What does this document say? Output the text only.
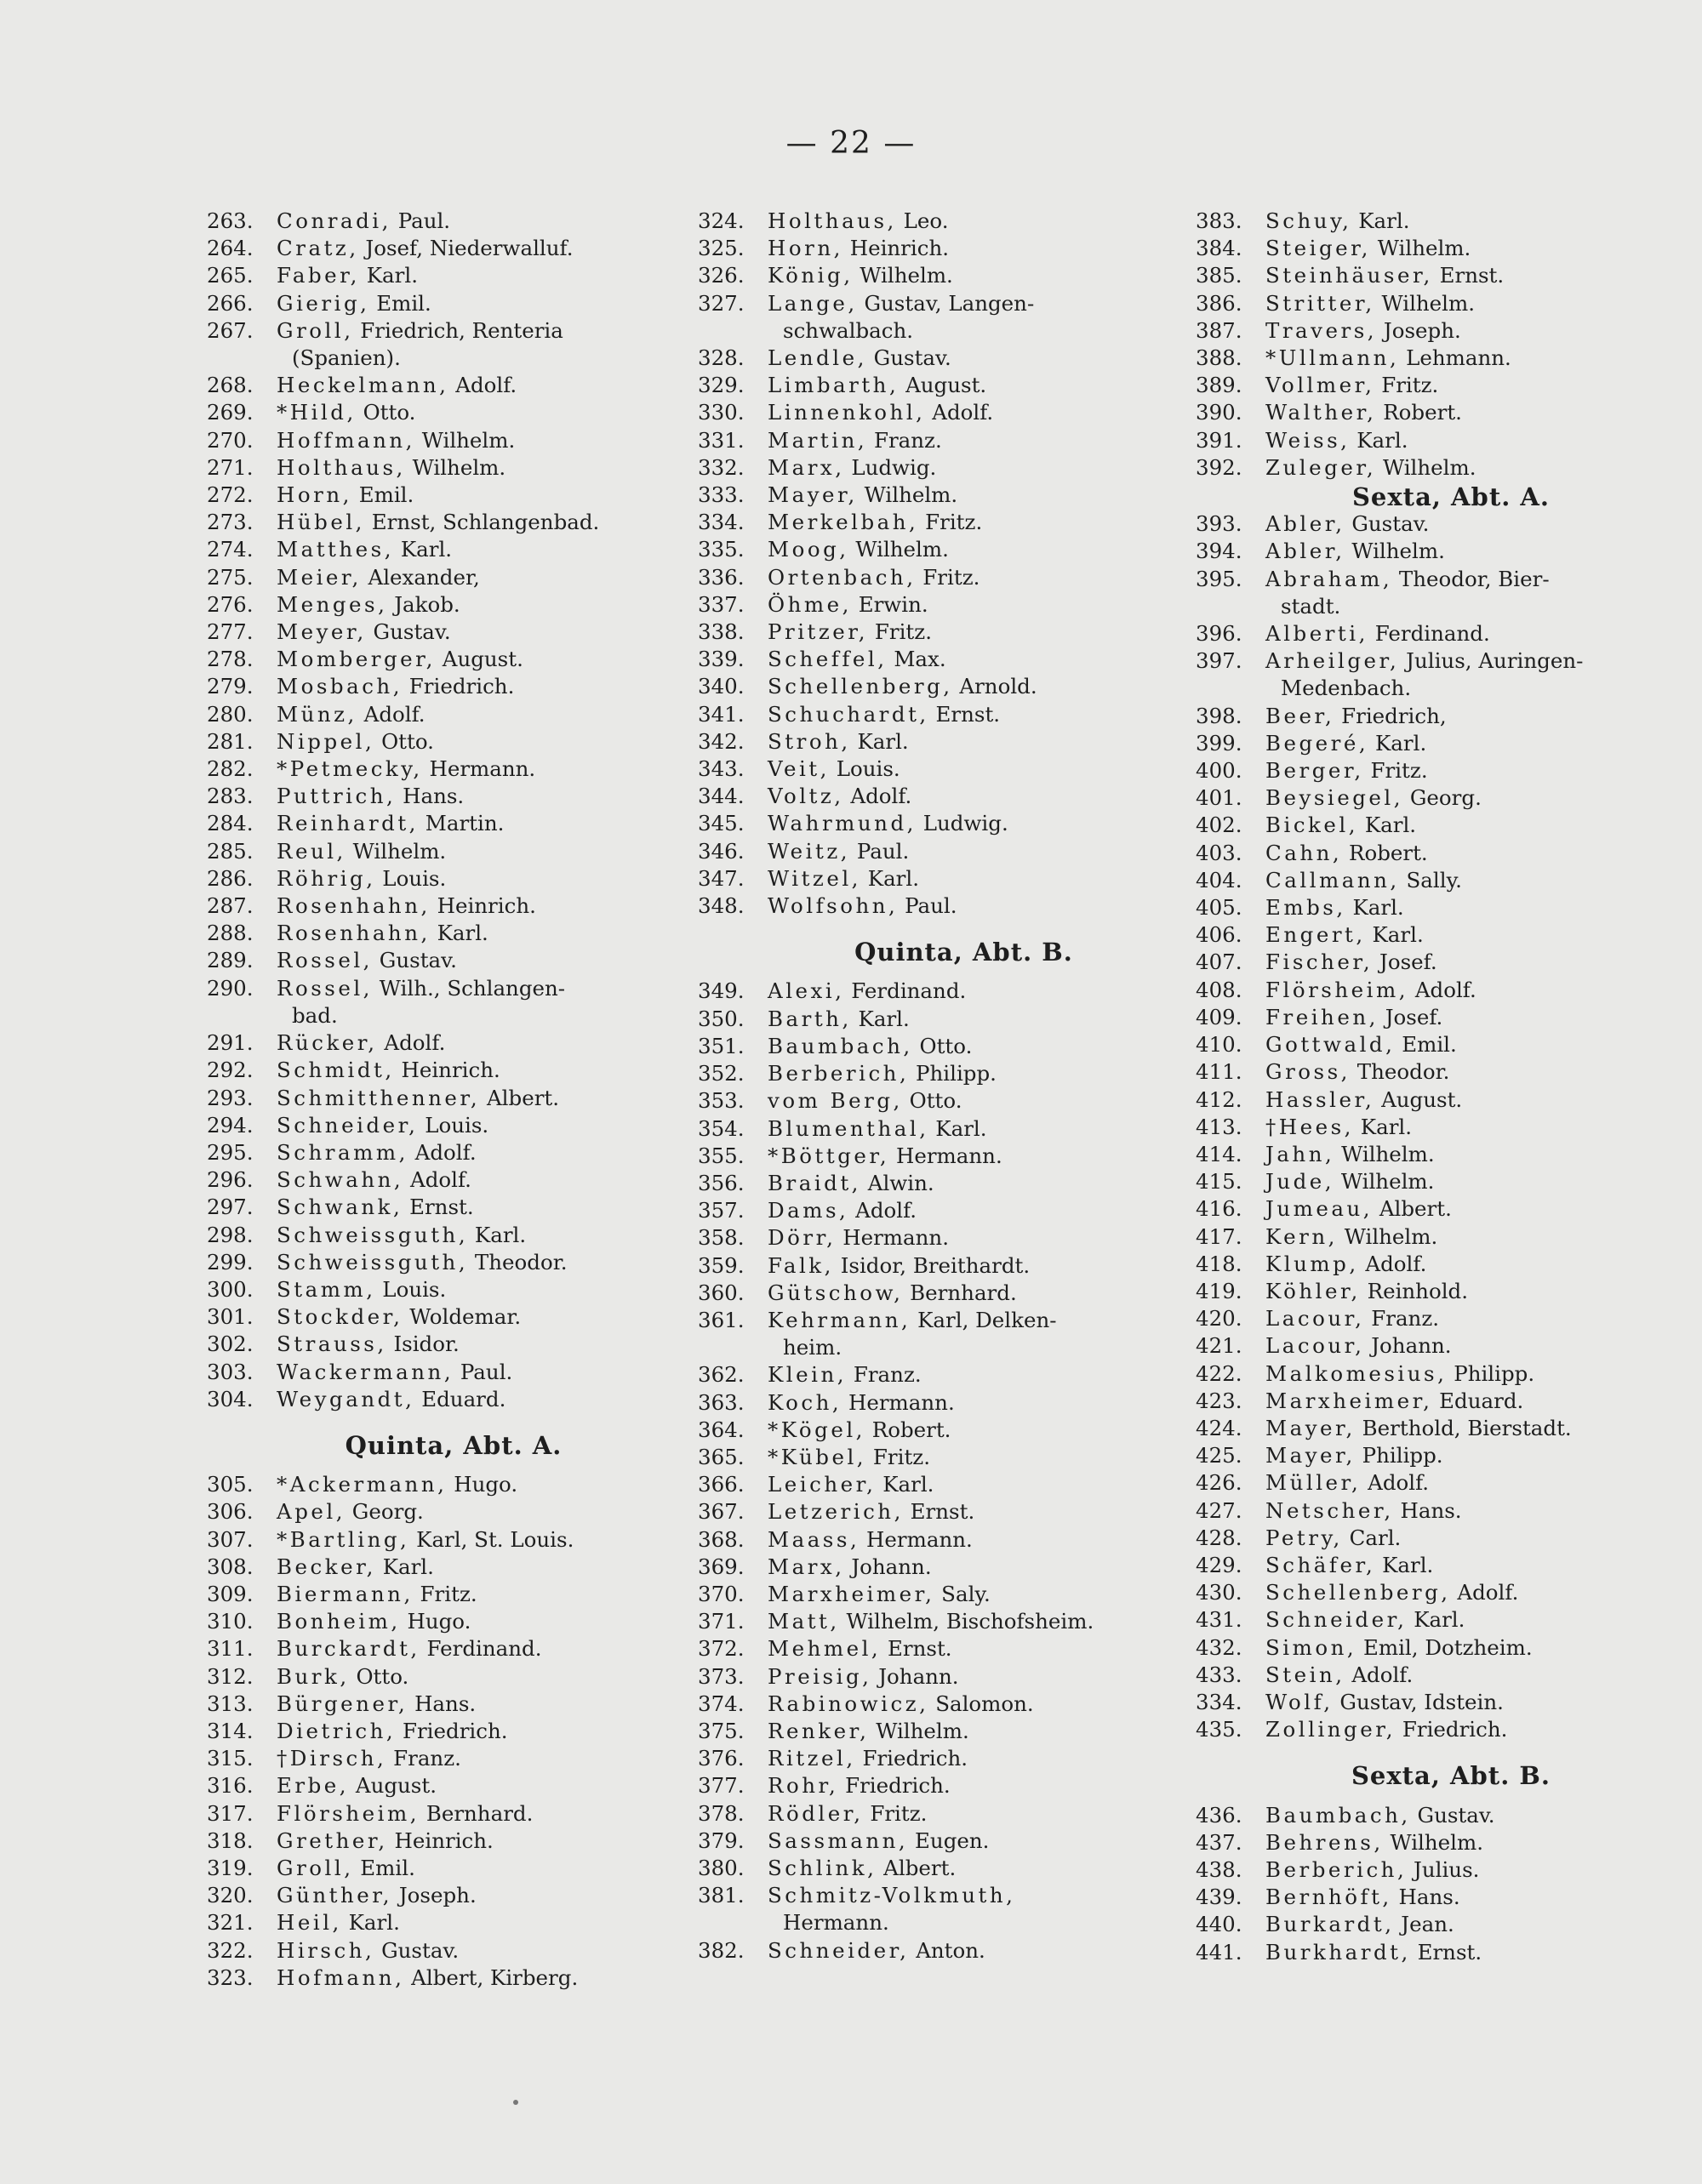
— 22 —
263.	Conradi, Paul.
264.	Cratz, Josef, Niederwalluf.
265.	Faber, Karl.
266.	Gierig, Emil.
267.	Groll, Friedrich, Renteria
(Spanien).
268.	Heckelmann, Adolf.
269.	*Hild, Otto.
270.	Hoffmann, Wilhelm.
271.	Holthaus, Wilhelm.
272.	Horn, Emil.
273.	Hübel, Ernst, Schlangenbad.
274.	Matthes, Karl.
275.	Meier, Alexander,
276.	Menges, Jakob.
277.	Meyer, Gustav.
278.	Momberger, August.
279.	Mosbach, Friedrich.
280.	Münz, Adolf.
281.	Nippel, Otto.
282.	*Petmecky, Hermann.
283.	Puttrich, Hans.
284.	Reinhardt, Martin.
285.	Reul, Wilhelm.
286.	Röhrig, Louis.
287.	Rosenhahn, Heinrich.
288.	Rosenhahn, Karl.
289.	Rossel, Gustav.
290.	Rossel, Wilh., Schlangen-
bad.
291.	Rücker, Adolf.
292.	Schmidt, Heinrich.
293.	Schmitthenner, Albert.
294.	Schneider, Louis.
295.	Schramm, Adolf.
296.	Schwahn, Adolf.
297.	Schwank, Ernst.
298.	Schweissguth, Karl.
299.	Schweissguth, Theodor.
300.	Stamm, Louis.
301.	Stockder, Woldemar.
302.	Strauss, Isidor.
303.	Wackermann, Paul.
304.	Weygandt, Eduard.
Quinta, Abt. A.
305.	*Ackermann, Hugo.
306.	Apel, Georg.
307.	*Bartling, Karl, St. Louis.
308.	Becker, Karl.
309.	Biermann, Fritz.
310.	Bonheim, Hugo.
311.	Burckardt, Ferdinand.
312.	Burk, Otto.
313.	Bürgener, Hans.
314.	Dietrich, Friedrich.
315.	†Dirsch, Franz.
316.	Erbe, August.
317.	Flörsheim, Bernhard.
318.	Grether, Heinrich.
319.	Groll, Emil.
320.	Günther, Joseph.
321.	Heil, Karl.
322.	Hirsch, Gustav.
323.	Hofmann, Albert, Kirberg.
324.	Holthaus, Leo.
325.	Horn, Heinrich.
326.	König, Wilhelm.
327.	Lange, Gustav, Langen-
schwalbach.
328.	Lendle, Gustav.
329.	Limbarth, August.
330.	Linnenkohl, Adolf.
331.	Martin, Franz.
332.	Marx, Ludwig.
333.	Mayer, Wilhelm.
334.	Merkelbah, Fritz.
335.	Moog, Wilhelm.
336.	Ortenbach, Fritz.
337.	Öhme, Erwin.
338.	Pritzer, Fritz.
339.	Scheffel, Max.
340.	Schellenberg, Arnold.
341.	Schuchardt, Ernst.
342.	Stroh, Karl.
343.	Veit, Louis.
344.	Voltz, Adolf.
345.	Wahrmund, Ludwig.
346.	Weitz, Paul.
347.	Witzel, Karl.
348.	Wolfsohn, Paul.
Quinta, Abt. B.
349.	Alexi, Ferdinand.
350.	Barth, Karl.
351.	Baumbach, Otto.
352.	Berberich, Philipp.
353.	vom Berg, Otto.
354.	Blumenthal, Karl.
355.	*Böttger, Hermann.
356.	Braidt, Alwin.
357.	Dams, Adolf.
358.	Dörr, Hermann.
359.	Falk, Isidor, Breithardt.
360.	Gütschow, Bernhard.
361.	Kehrmann, Karl, Delken-
heim.
362.	Klein, Franz.
363.	Koch, Hermann.
364.	*Kögel, Robert.
365.	*Kübel, Fritz.
366.	Leicher, Karl.
367.	Letzerich, Ernst.
368.	Maass, Hermann.
369.	Marx, Johann.
370.	Marxheimer, Saly.
371.	Matt, Wilhelm, Bischofsheim.
372.	Mehmel, Ernst.
373.	Preisig, Johann.
374.	Rabinowicz, Salomon.
375.	Renker, Wilhelm.
376.	Ritzel, Friedrich.
377.	Rohr, Friedrich.
378.	Rödler, Fritz.
379.	Sassmann, Eugen.
380.	Schlink, Albert.
381.	Schmitz-Volkmuth,
Hermann.
382.	Schneider, Anton.
383.	Schuy, Karl.
384.	Steiger, Wilhelm.
385.	Steinhäuser, Ernst.
386.	Stritter, Wilhelm.
387.	Travers, Joseph.
388.	*Ullmann, Lehmann.
389.	Vollmer, Fritz.
390.	Walther, Robert.
391.	Weiss, Karl.
392.	Zuleger, Wilhelm.
Sexta, Abt. A.
393.	Abler, Gustav.
394.	Abler, Wilhelm.
395.	Abraham, Theodor, Bier-
stadt.
396.	Alberti, Ferdinand.
397.	Arheilger, Julius, Auringen-
Medenbach.
398.	Beer, Friedrich,
399.	Begeré, Karl.
400.	Berger, Fritz.
401.	Beysiegel, Georg.
402.	Bickel, Karl.
403.	Cahn, Robert.
404.	Callmann, Sally.
405.	Embs, Karl.
406.	Engert, Karl.
407.	Fischer, Josef.
408.	Flörsheim, Adolf.
409.	Freihen, Josef.
410.	Gottwald, Emil.
411.	Gross, Theodor.
412.	Hassler, August.
413.	†Hees, Karl.
414.	Jahn, Wilhelm.
415.	Jude, Wilhelm.
416.	Jumeau, Albert.
417.	Kern, Wilhelm.
418.	Klump, Adolf.
419.	Köhler, Reinhold.
420.	Lacour, Franz.
421.	Lacour, Johann.
422.	Malkomesius, Philipp.
423.	Marxheimer, Eduard.
424.	Mayer, Berthold, Bierstadt.
425.	Mayer, Philipp.
426.	Müller, Adolf.
427.	Netscher, Hans.
428.	Petry, Carl.
429.	Schäfer, Karl.
430.	Schellenberg, Adolf.
431.	Schneider, Karl.
432.	Simon, Emil, Dotzheim.
433.	Stein, Adolf.
334.	Wolf, Gustav, Idstein.
435.	Zollinger, Friedrich.
Sexta, Abt. B.
436.	Baumbach, Gustav.
437.	Behrens, Wilhelm.
438.	Berberich, Julius.
439.	Bernhöft, Hans.
440.	Burkardt, Jean.
441.	Burkhardt, Ernst.
